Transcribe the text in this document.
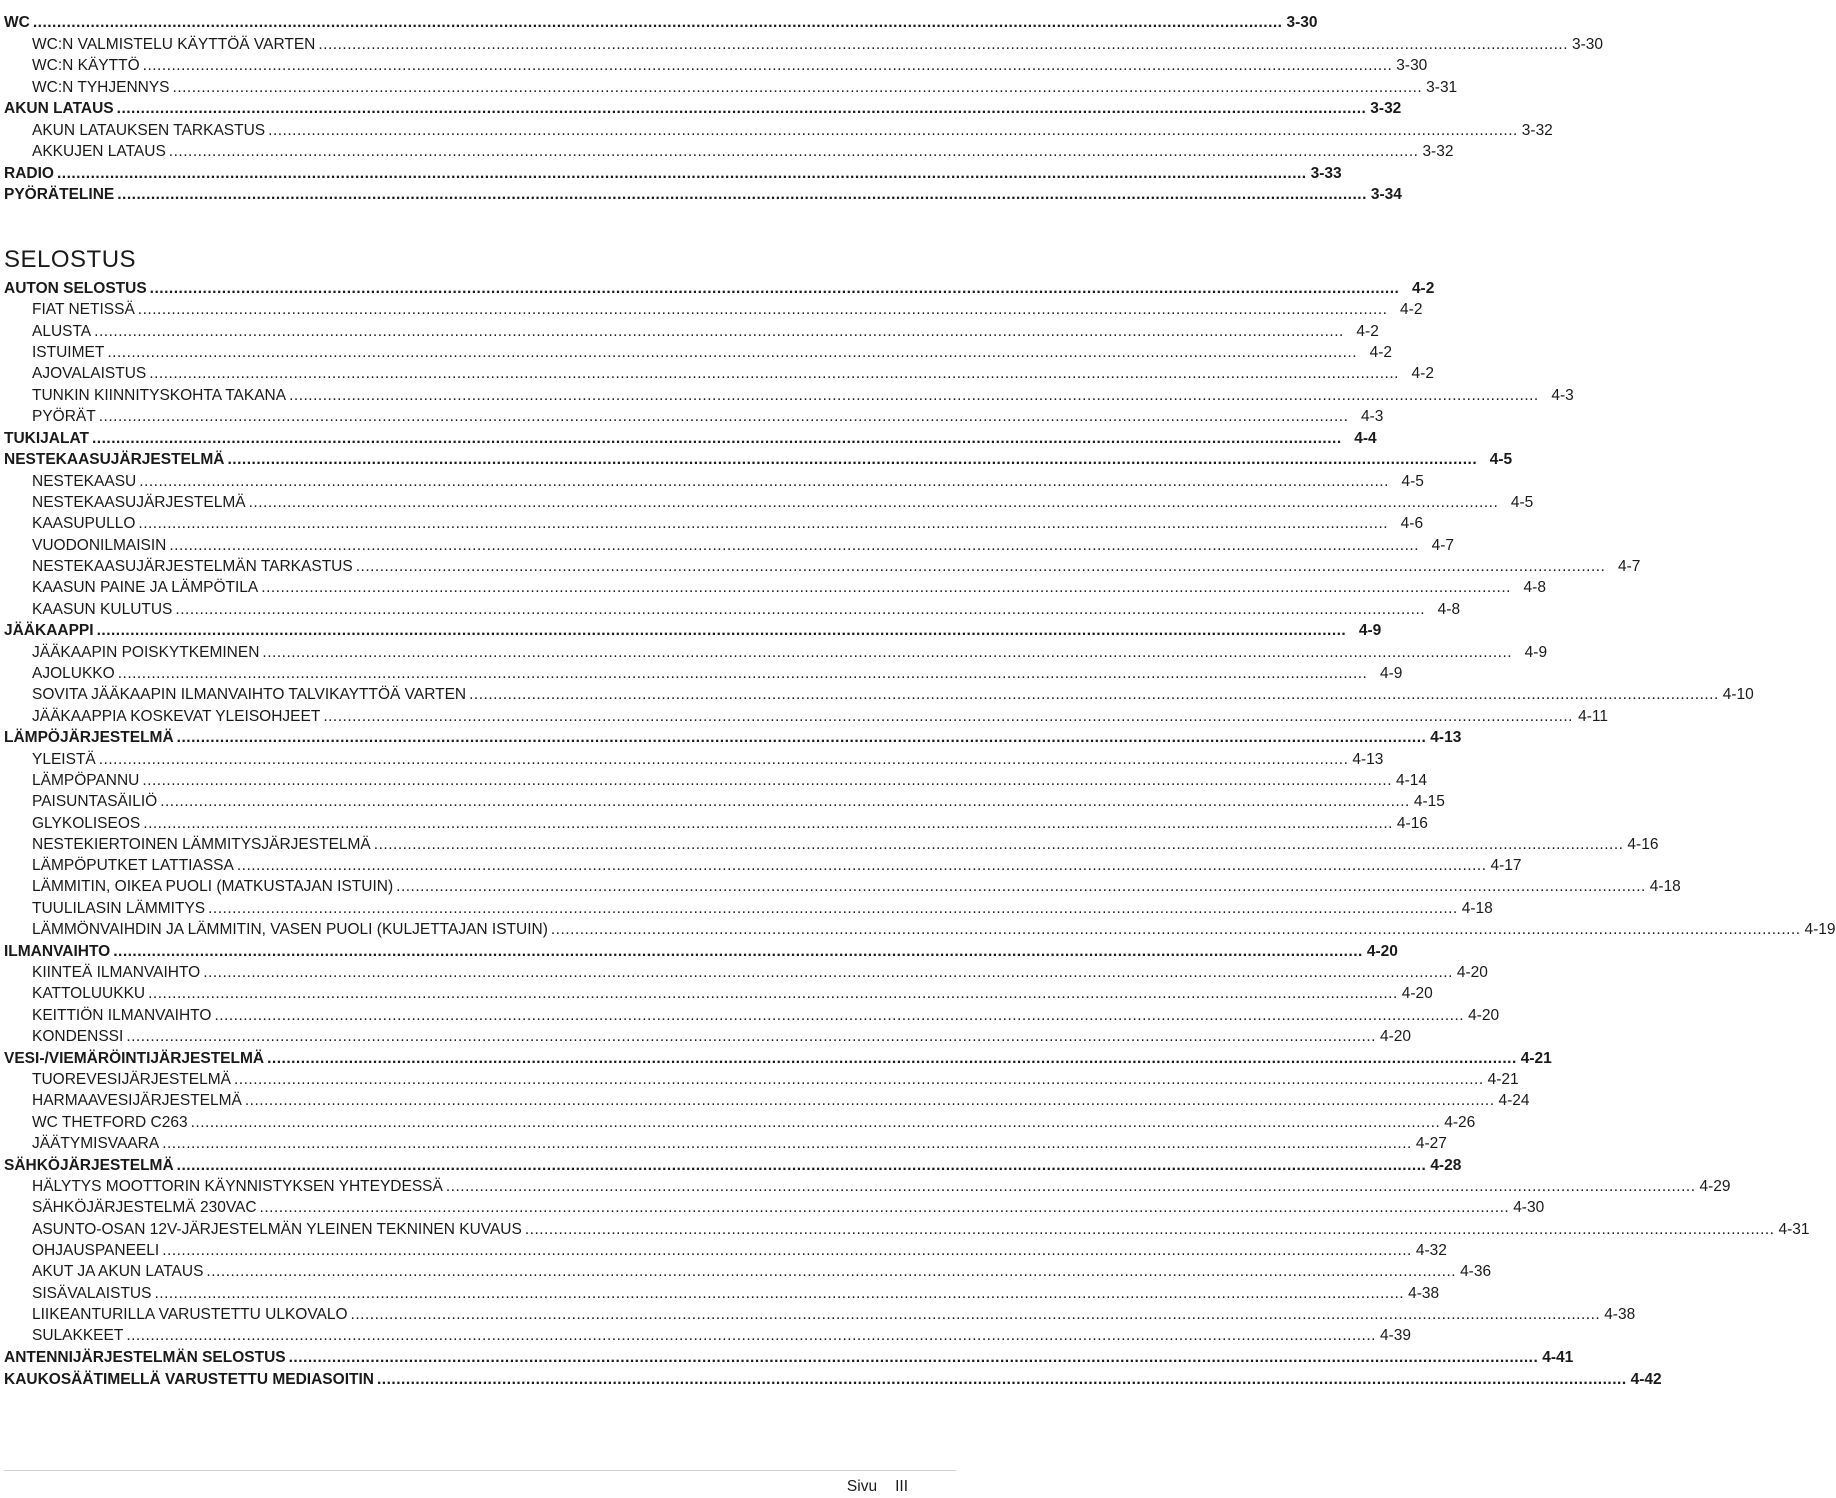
WC .....	3-30
WC:N VALMISTELU KÄYTTÖÄ VARTEN .....	3-30
WC:N KÄYTTÖ .....	3-30
WC:N TYHJENNYS .....	3-31
AKUN LATAUS .....	3-32
AKUN LATAUKSEN TARKASTUS .....	3-32
AKKUJEN LATAUS .....	3-32
RADIO .....	3-33
PYÖRÄTELINE .....	3-34
SELOSTUS
AUTON SELOSTUS .....	4-2
FIAT NETISSÄ .....	4-2
ALUSTA .....	4-2
ISTUIMET .....	4-2
AJOVALAISTUS .....	4-2
TUNKIN KIINNITYSKOHTA TAKANA .....	4-3
PYÖRÄT .....	4-3
TUKIJALAT .....	4-4
NESTEKAASUJÄRJESTELMÄ .....	4-5
NESTEKAASU .....	4-5
NESTEKAASUJÄRJESTELMÄ .....	4-5
KAASUPULLO .....	4-6
VUODONILMAISIN .....	4-7
NESTEKAASUJÄRJESTELMÄN TARKASTUS .....	4-7
KAASUN PAINE JA LÄMPÖTILA .....	4-8
KAASUN KULUTUS .....	4-8
JÄÄKAAPPI .....	4-9
JÄÄKAAPIN POISKYTKEMINEN .....	4-9
AJOLUKKO .....	4-9
SOVITA JÄÄKAAPIN ILMANVAIHTO TALVIKAYTTÖÄ VARTEN .....	4-10
JÄÄKAAPPIA KOSKEVAT YLEISOHJEET .....	4-11
LÄMPÖJÄRJESTELMÄ .....	4-13
YLEISTÄ .....	4-13
LÄMPÖPANNU .....	4-14
PAISUNTASÄILIÖ .....	4-15
GLYKOLISEOS .....	4-16
NESTEKIERTOINEN LÄMMITYSJÄRJESTELMÄ .....	4-16
LÄMPÖPUTKET LATTIASSA .....	4-17
LÄMMITIN, OIKEA PUOLI (MATKUSTAJAN ISTUIN) .....	4-18
TUULILASIN LÄMMITYS .....	4-18
LÄMMÖNVAIHDIN JA LÄMMITIN, VASEN PUOLI (KULJETTAJAN ISTUIN) .....	4-19
ILMANVAIHTO .....	4-20
KIINTEÄ ILMANVAIHTO .....	4-20
KATTOLUUKKU .....	4-20
KEITTIÖN ILMANVAIHTO .....	4-20
KONDENSSI .....	4-20
VESI-/VIEMÄRÖINTIJÄRJESTELMÄ .....	4-21
TUOREVESIJÄRJESTELMÄ .....	4-21
HARMAAVESIJÄRJESTELMÄ .....	4-24
WC THETFORD C263 .....	4-26
JÄÄTYMISVAARA .....	4-27
SÄHKÖJÄRJESTELMÄ .....	4-28
HÄLYTYS MOOTTORIN KÄYNNISTYKSEN YHTEYDESSÄ .....	4-29
SÄHKÖJÄRJESTELMÄ 230VAC .....	4-30
ASUNTO-OSAN 12V-JÄRJESTELMÄN YLEINEN TEKNINEN KUVAUS .....	4-31
OHJAUSPANEELI .....	4-32
AKUT JA AKUN LATAUS .....	4-36
SISÄVALAISTUS .....	4-38
LIIKEANTURILLA VARUSTETTU ULKOVALO .....	4-38
SULAKKEET .....	4-39
ANTENNIJÄRJESTELMÄN SELOSTUS .....	4-41
KAUKOSÄÄTIMELLÄ VARUSTETTU MEDIASOITIN .....	4-42
Sivu III
